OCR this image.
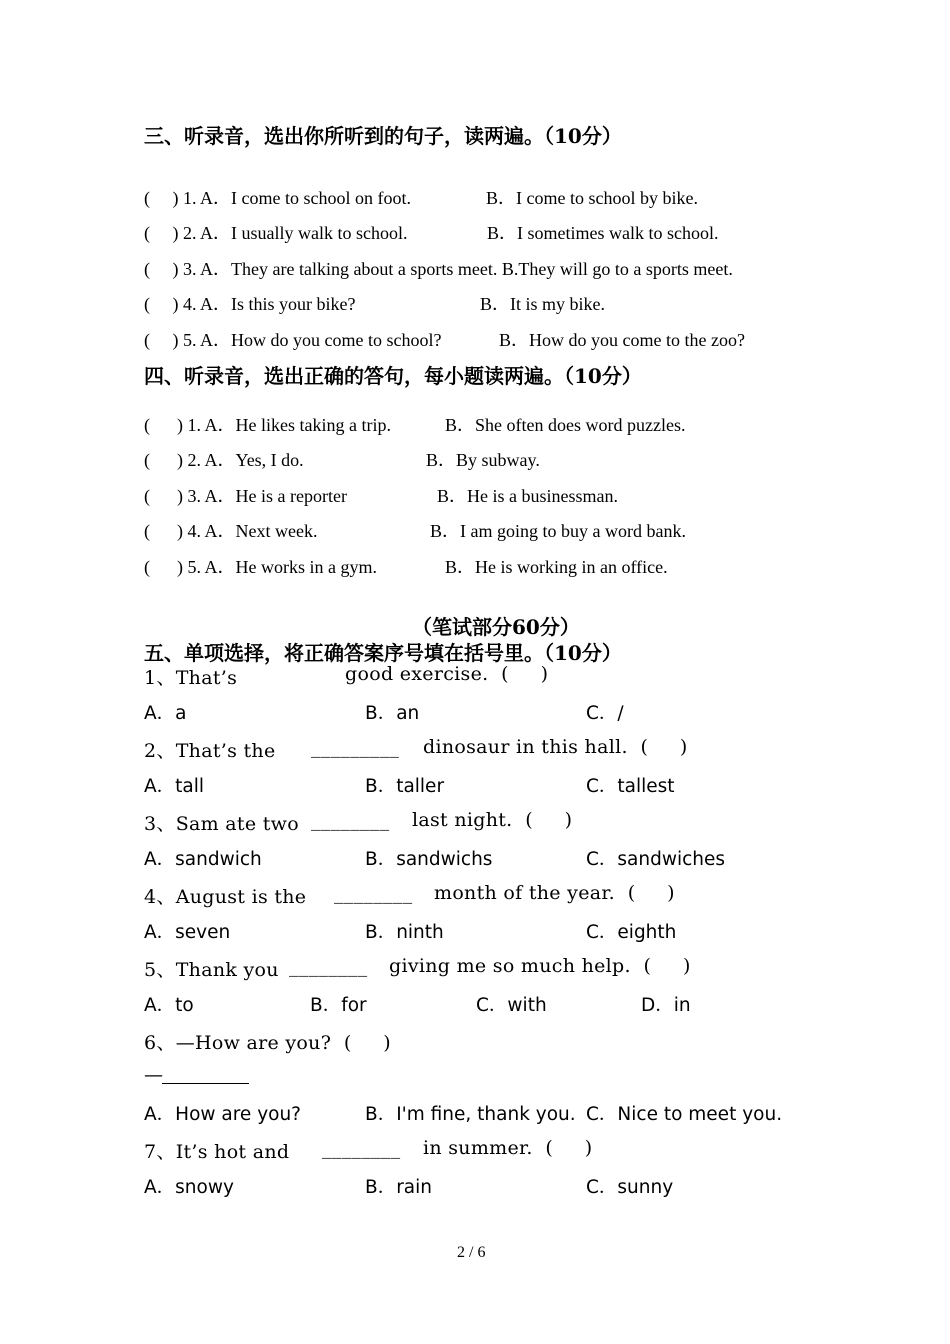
三、听录音，选出你所听到的句子，读两遍。（10分）
(     ) 1. A．I come to school on foot.	B．I come to school by bike.
(     ) 2. A．I usually walk to school.	B．I sometimes walk to school.
(     ) 3. A．They are talking about a sports meet. B.They will go to a sports meet.
(     ) 4. A．Is this your bike?	B．It is my bike.
(     ) 5. A．How do you come to school?	B．How do you come to the zoo?
四、听录音，选出正确的答句，每小题读两遍。（10分）
(      ) 1. A．He likes taking a trip.	B．She often does word puzzles.
(      ) 2. A．Yes, I do.	B．By subway.
(      ) 3. A．He is a reporter	B．He is a businessman.
(      ) 4. A．Next week.	B．I am going to buy a word bank.
(      ) 5. A．He works in a gym.	B．He is working in an office.
（笔试部分60分）
五、单项选择，将正确答案序号填在括号里。（10分）
1、That’s	good exercise.  (     )
A．a	B．an	C．/
2、That’s the _________ dinosaur in this hall.  (     )
A．tall	B．taller	C．tallest
3、Sam ate two ________ last night.  (     )
A．sandwich	B．sandwichs	C．sandwiches
4、August is the ________ month of the year.  (     )
A．seven	B．ninth	C．eighth
5、Thank you ________ giving me so much help.  (     )
A．to	B．for	C．with	D．in
6、—How are you?  (     )
—
A．How are you?	B．I'm fine, thank you. C．Nice to meet you.
7、It’s hot and ________ in summer.  (     )
A．snowy	B．rain	C．sunny
2 / 6
